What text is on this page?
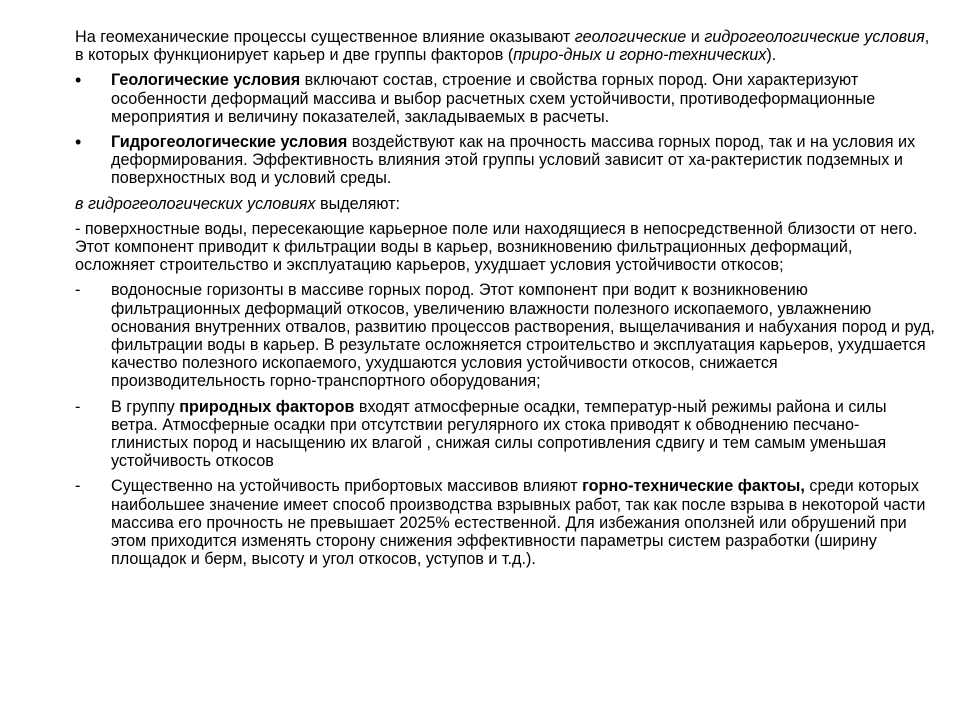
На геомеханические процессы существенное влияние оказывают геологические и гидрогеологические условия, в которых функционирует карьер и две группы факторов (приро-дных и горно-технических).

•	Геологические условия включают состав, строение и свойства горных пород. Они характеризуют особенности деформаций массива и выбор расчетных схем устойчивости, противодеформационные мероприятия и величину показателей, закладываемых в расчеты.
•	Гидрогеологические условия воздействуют как на прочность массива горных пород, так и на условия их деформирования. Эффективность влияния этой группы условий зависит от ха-рактеристик подземных и поверхностных вод и условий среды.

в гидрогеологических условиях выделяют:

- поверхностные воды, пересекающие карьерное поле или находящиеся в непосредственной близости от него. Этот компонент приводит к фильтрации воды в карьер, возникновению фильтрационных деформаций, осложняет строительство и эксплуатацию карьеров, ухудшает условия устойчивости откосов;

-	водоносные горизонты в массиве горных пород. Этот компонент при водит к возникновению фильтрационных деформаций откосов, увеличению влажности полезного ископаемого, увлажнению основания внутренних отвалов, развитию процессов растворения, выщелачивания и набухания пород и руд, фильтрации воды в карьер. В результате осложняется строительство и эксплуатация карьеров, ухудшается качество полезного ископаемого, ухудшаются условия устойчивости откосов, снижается производительность горно-транспортного оборудования;
-	В группу природных факторов входят атмосферные осадки, температур-ный режимы района и силы ветра. Атмосферные осадки при отсутствии регулярного их стока приводят к обводнению песчано-глинистых пород и насыщению их влагой , снижая силы сопротивления сдвигу и тем самым уменьшая устойчивость откосов
-	Существенно на устойчивость прибортовых массивов влияют горно-технические фактоы, среди которых наибольшее значение имеет способ производства взрывных работ, так как после взрыва в некоторой части массива его прочность не превышает 2025% естественной. Для избежания оползней или обрушений при этом приходится изменять сторону снижения эффективности параметры систем разработки (ширину площадок и берм, высоту и угол откосов, уступов и т.д.).
